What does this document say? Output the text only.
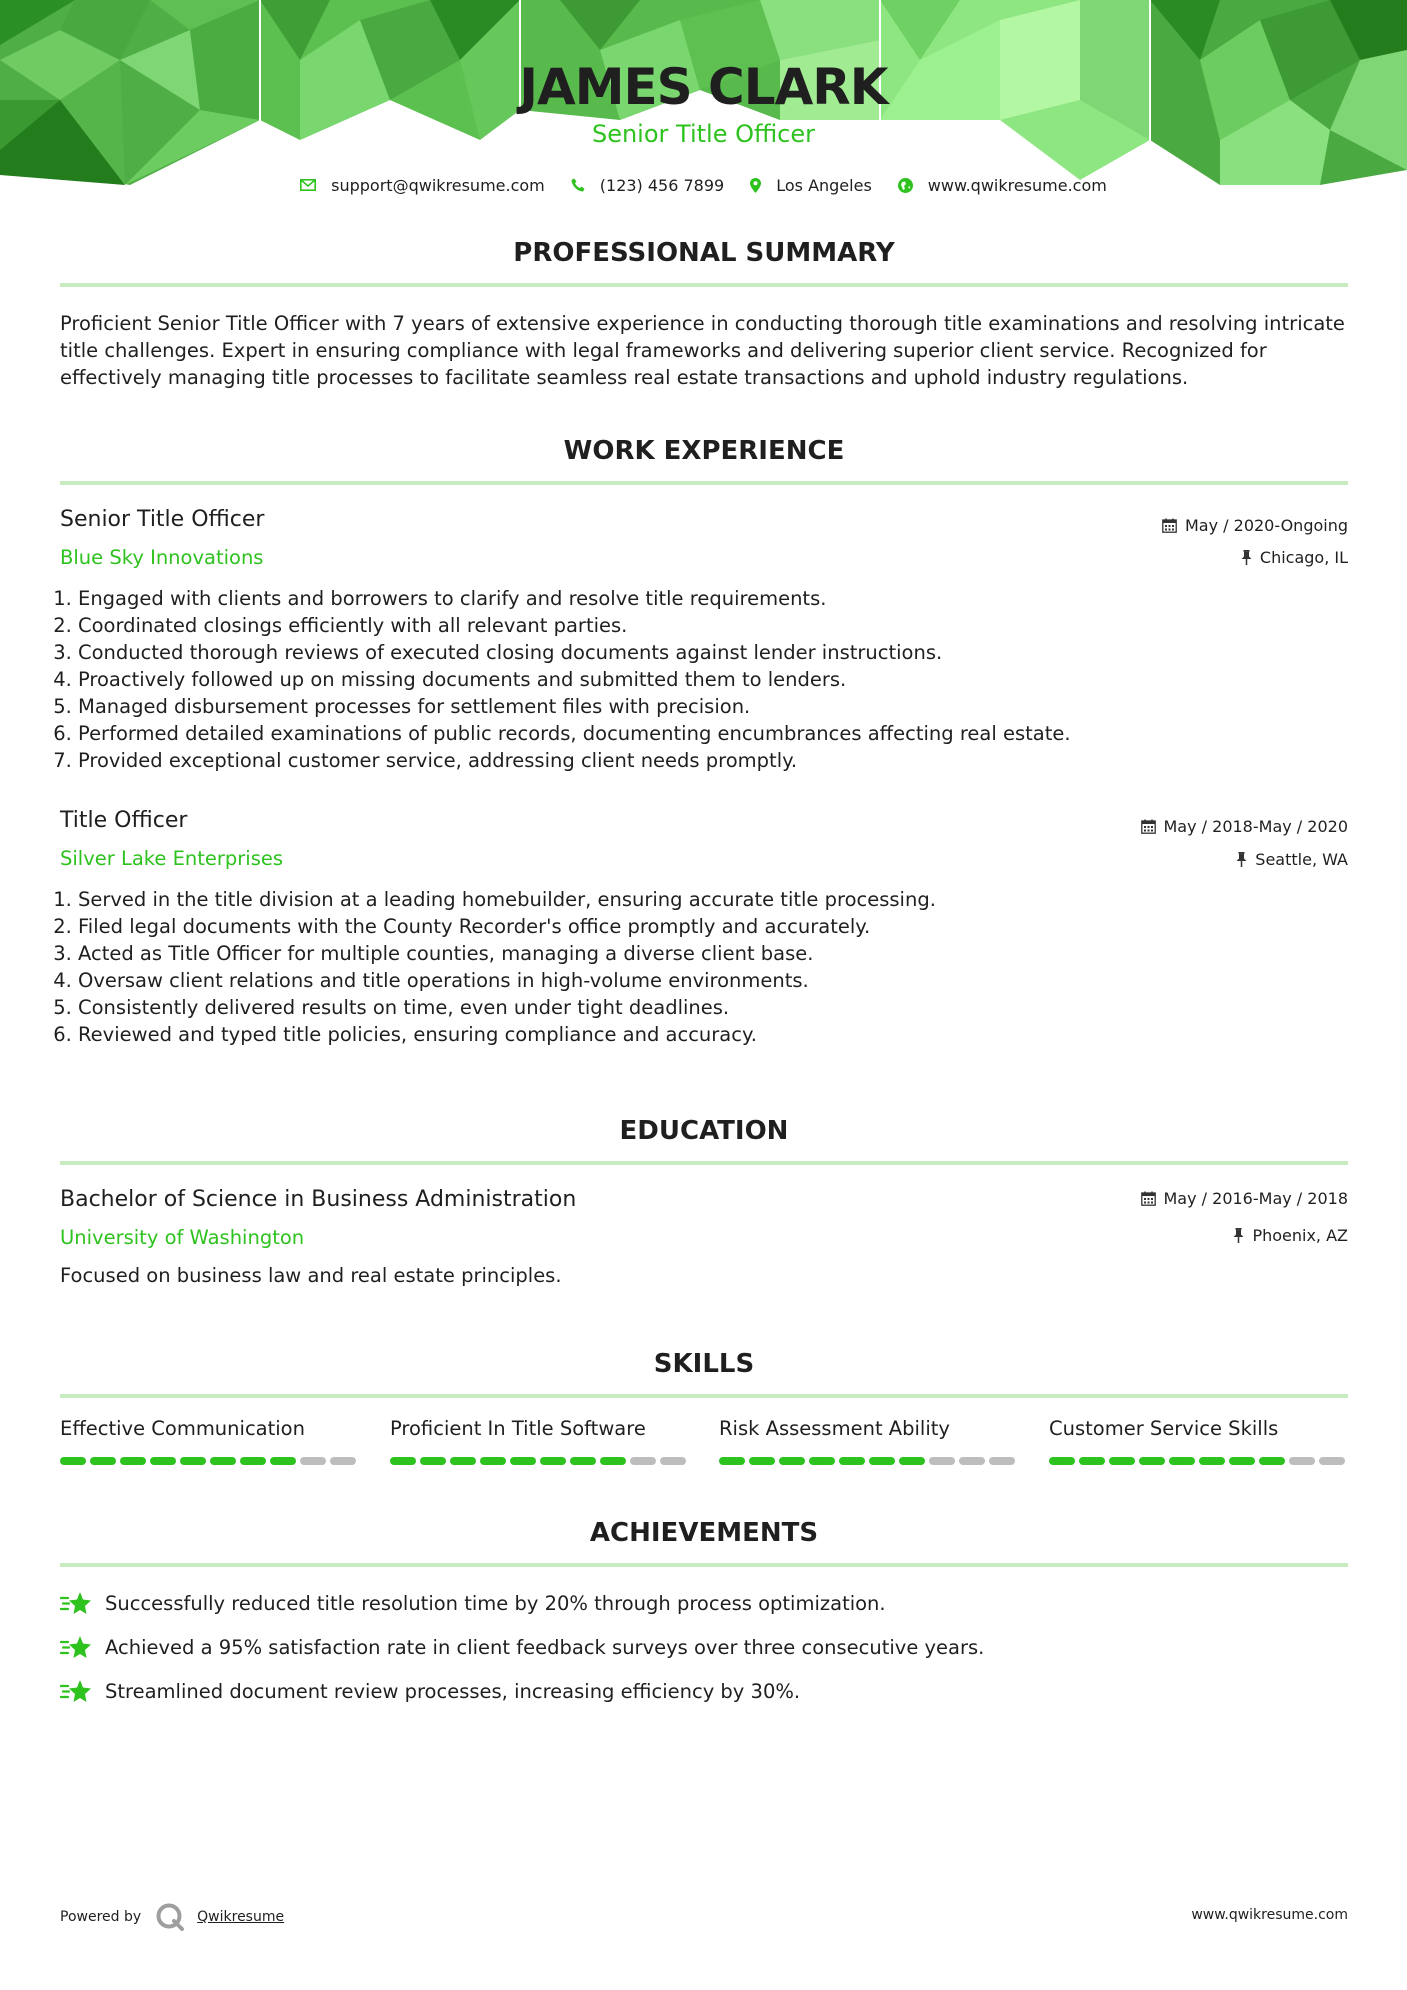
JAMES CLARK
Senior Title Officer
support@qwikresume.com	(123) 456 7899	Los Angeles	www.qwikresume.com
PROFESSIONAL SUMMARY
Proficient Senior Title Officer with 7 years of extensive experience in conducting thorough title examinations and resolving intricate title challenges. Expert in ensuring compliance with legal frameworks and delivering superior client service. Recognized for effectively managing title processes to facilitate seamless real estate transactions and uphold industry regulations.
WORK EXPERIENCE
Senior Title Officer
Blue Sky Innovations
May / 2020-Ongoing
Chicago, IL
1. Engaged with clients and borrowers to clarify and resolve title requirements.
2. Coordinated closings efficiently with all relevant parties.
3. Conducted thorough reviews of executed closing documents against lender instructions.
4. Proactively followed up on missing documents and submitted them to lenders.
5. Managed disbursement processes for settlement files with precision.
6. Performed detailed examinations of public records, documenting encumbrances affecting real estate.
7. Provided exceptional customer service, addressing client needs promptly.
Title Officer
Silver Lake Enterprises
May / 2018-May / 2020
Seattle, WA
1. Served in the title division at a leading homebuilder, ensuring accurate title processing.
2. Filed legal documents with the County Recorder's office promptly and accurately.
3. Acted as Title Officer for multiple counties, managing a diverse client base.
4. Oversaw client relations and title operations in high-volume environments.
5. Consistently delivered results on time, even under tight deadlines.
6. Reviewed and typed title policies, ensuring compliance and accuracy.
EDUCATION
Bachelor of Science in Business Administration
University of Washington
May / 2016-May / 2018
Phoenix, AZ
Focused on business law and real estate principles.
SKILLS
Effective Communication	Proficient In Title Software	Risk Assessment Ability	Customer Service Skills
ACHIEVEMENTS
Successfully reduced title resolution time by 20% through process optimization.
Achieved a 95% satisfaction rate in client feedback surveys over three consecutive years.
Streamlined document review processes, increasing efficiency by 30%.
Powered by	Qwikresume	www.qwikresume.com
